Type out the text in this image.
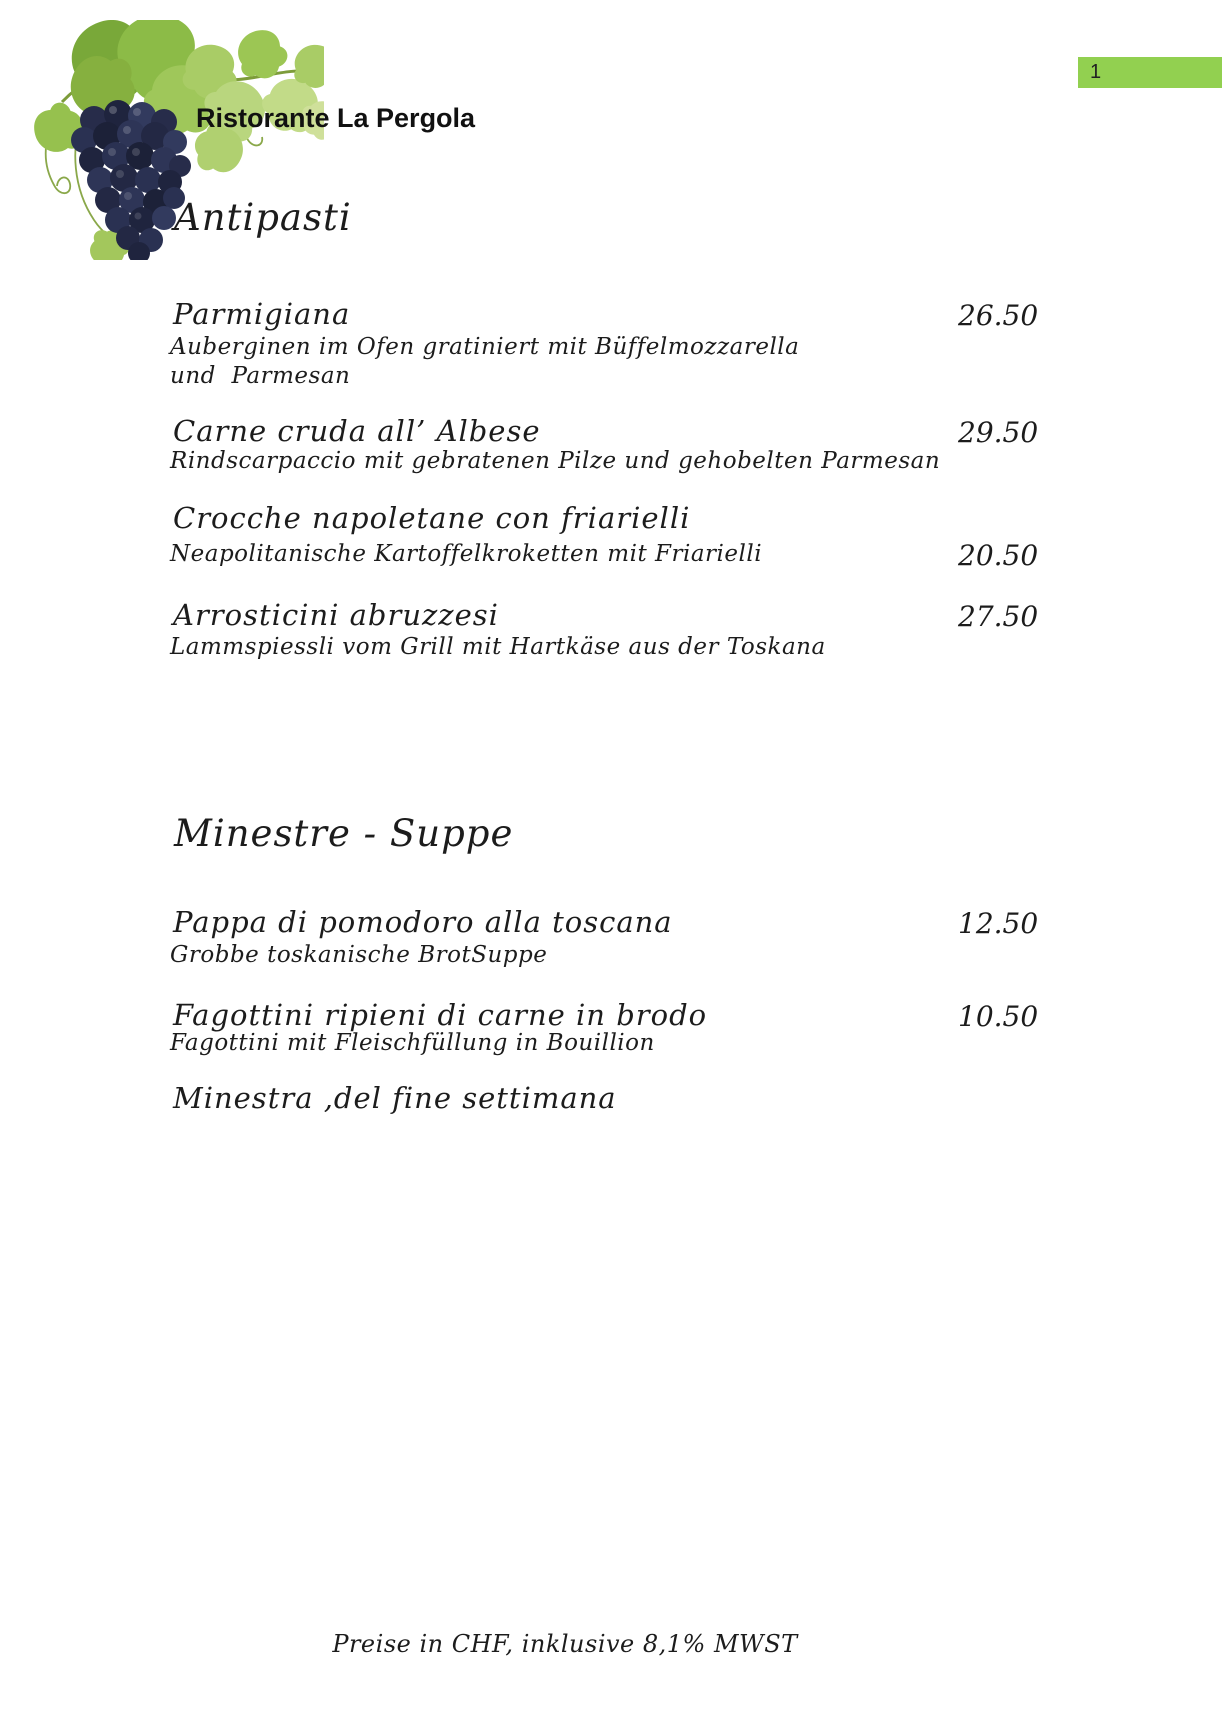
1
Ristorante La Pergola
Antipasti
Parmigiana	26.50
Auberginen im Ofen gratiniert mit Büffelmozzarella
und  Parmesan
Carne cruda all’ Albese	29.50
Rindscarpaccio mit gebratenen Pilze und gehobelten Parmesan
Crocche napoletane con friarielli
Neapolitanische Kartoffelkroketten mit Friarielli	20.50
Arrosticini abruzzesi	27.50
Lammspiessli vom Grill mit Hartkäse aus der Toskana
Minestre - Suppe
Pappa di pomodoro alla toscana	12.50
Grobbe toskanische BrotSuppe
Fagottini ripieni di carne in brodo	10.50
Fagottini mit Fleischfüllung in Bouillion
Minestra ,del fine settimana
Preise in CHF, inklusive 8,1% MWST
